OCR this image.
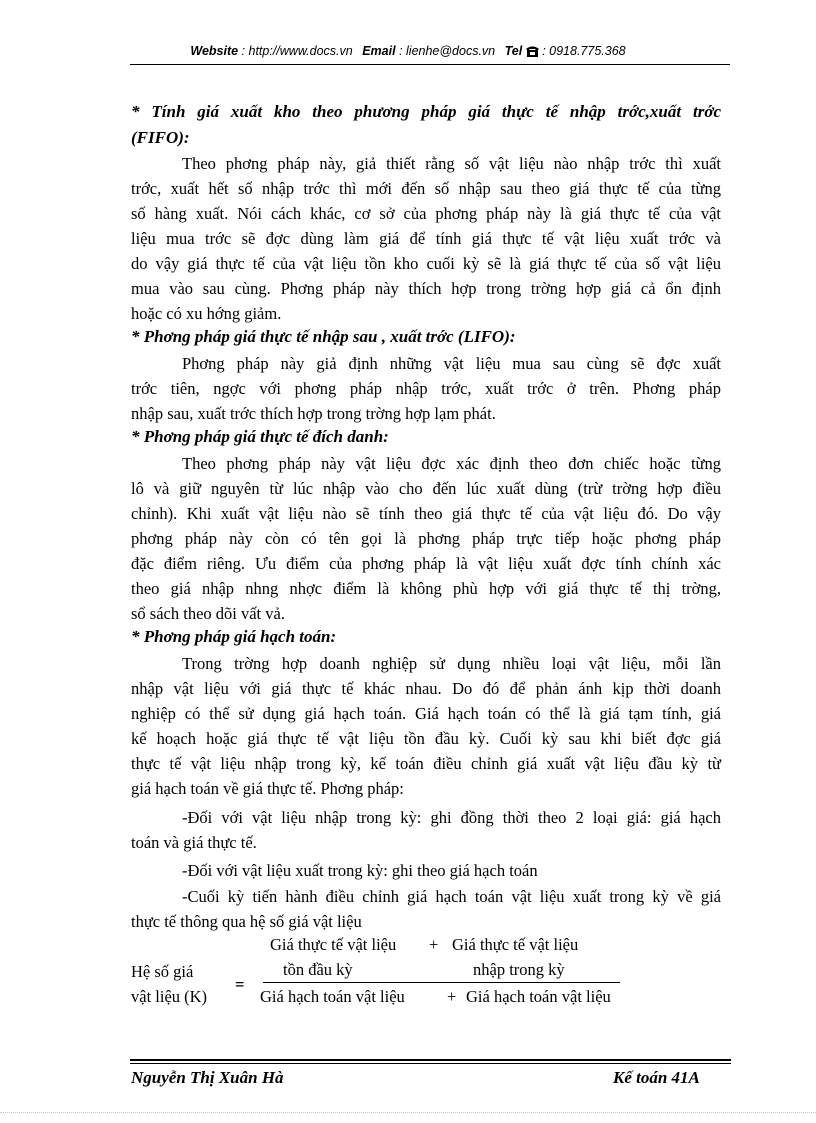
Website : http://www.docs.vn Email : lienhe@docs.vn Tel : 0918.775.368
* Tính giá xuất kho theo phương pháp giá thực tế nhập trớc,xuất trớc
(FIFO):
Theo phơng pháp này, giả thiết rằng số vật liệu nào nhập trớc thì xuất
trớc, xuất hết số nhập trớc thì mới đến số nhập sau theo giá thực tế của từng
số hàng xuất. Nói cách khác, cơ sở của phơng pháp này là giá thực tế của vật
liệu mua trớc sẽ đợc dùng làm giá để tính giá thực tế vật liệu xuất trớc và
do vậy giá thực tế của vật liệu tồn kho cuối kỳ sẽ là giá thực tế của số vật liệu
mua vào sau cùng. Phơng pháp này thích hợp trong trờng hợp giá cả ổn định
hoặc có xu hớng giảm.
* Phơng pháp giá thực tế nhập sau , xuất trớc (LIFO):
Phơng pháp này giả định những vật liệu mua sau cùng sẽ đợc xuất
trớc tiên, ngợc với phơng pháp nhập trớc, xuất trớc ở trên. Phơng pháp
nhập sau, xuất trớc thích hợp trong trờng hợp lạm phát.
* Phơng pháp giá thực tế đích danh:
Theo phơng pháp này vật liệu đợc xác định theo đơn chiếc hoặc từng
lô và giữ nguyên từ lúc nhập vào cho đến lúc xuất dùng (trừ trờng hợp điều
chỉnh). Khi xuất vật liệu nào sẽ tính theo giá thực tế của vật liệu đó. Do vậy
phơng pháp này còn có tên gọi là phơng pháp trực tiếp hoặc phơng pháp
đặc điểm riêng. Ưu điểm của phơng pháp là vật liệu xuất đợc tính chính xác
theo giá nhập nhng nhợc điểm là không phù hợp với giá thực tế thị trờng,
sổ sách theo dõi vất vả.
* Phơng pháp giá hạch toán:
Trong trờng hợp doanh nghiệp sử dụng nhiều loại vật liệu, mỗi lần
nhập vật liệu với giá thực tế khác nhau. Do đó để phản ánh kịp thời doanh
nghiệp có thể sử dụng giá hạch toán. Giá hạch toán có thể là giá tạm tính, giá
kế hoạch hoặc giá thực tế vật liệu tồn đầu kỳ. Cuối kỳ sau khi biết đợc giá
thực tế vật liệu nhập trong kỳ, kế toán điều chỉnh giá xuất vật liệu đầu kỳ từ
giá hạch toán về giá thực tế. Phơng pháp:
-Đối với vật liệu nhập trong kỳ: ghi đồng thời theo 2 loại giá: giá hạch
toán và giá thực tế.
-Đối với vật liệu xuất trong kỳ: ghi theo giá hạch toán
-Cuối kỳ tiến hành điều chỉnh giá hạch toán vật liệu xuất trong kỳ về giá
thực tế thông qua hệ số giá vật liệu
Giá thực tế vật liệu + Giá thực tế vật liệu
Hệ số giá	tồn đầu kỳ	nhập trong kỳ
=
vật liệu (K)	Giá hạch toán vật liệu	+ Giá hạch toán vật liệu
Nguyễn Thị Xuân Hà	Kế toán 41A
